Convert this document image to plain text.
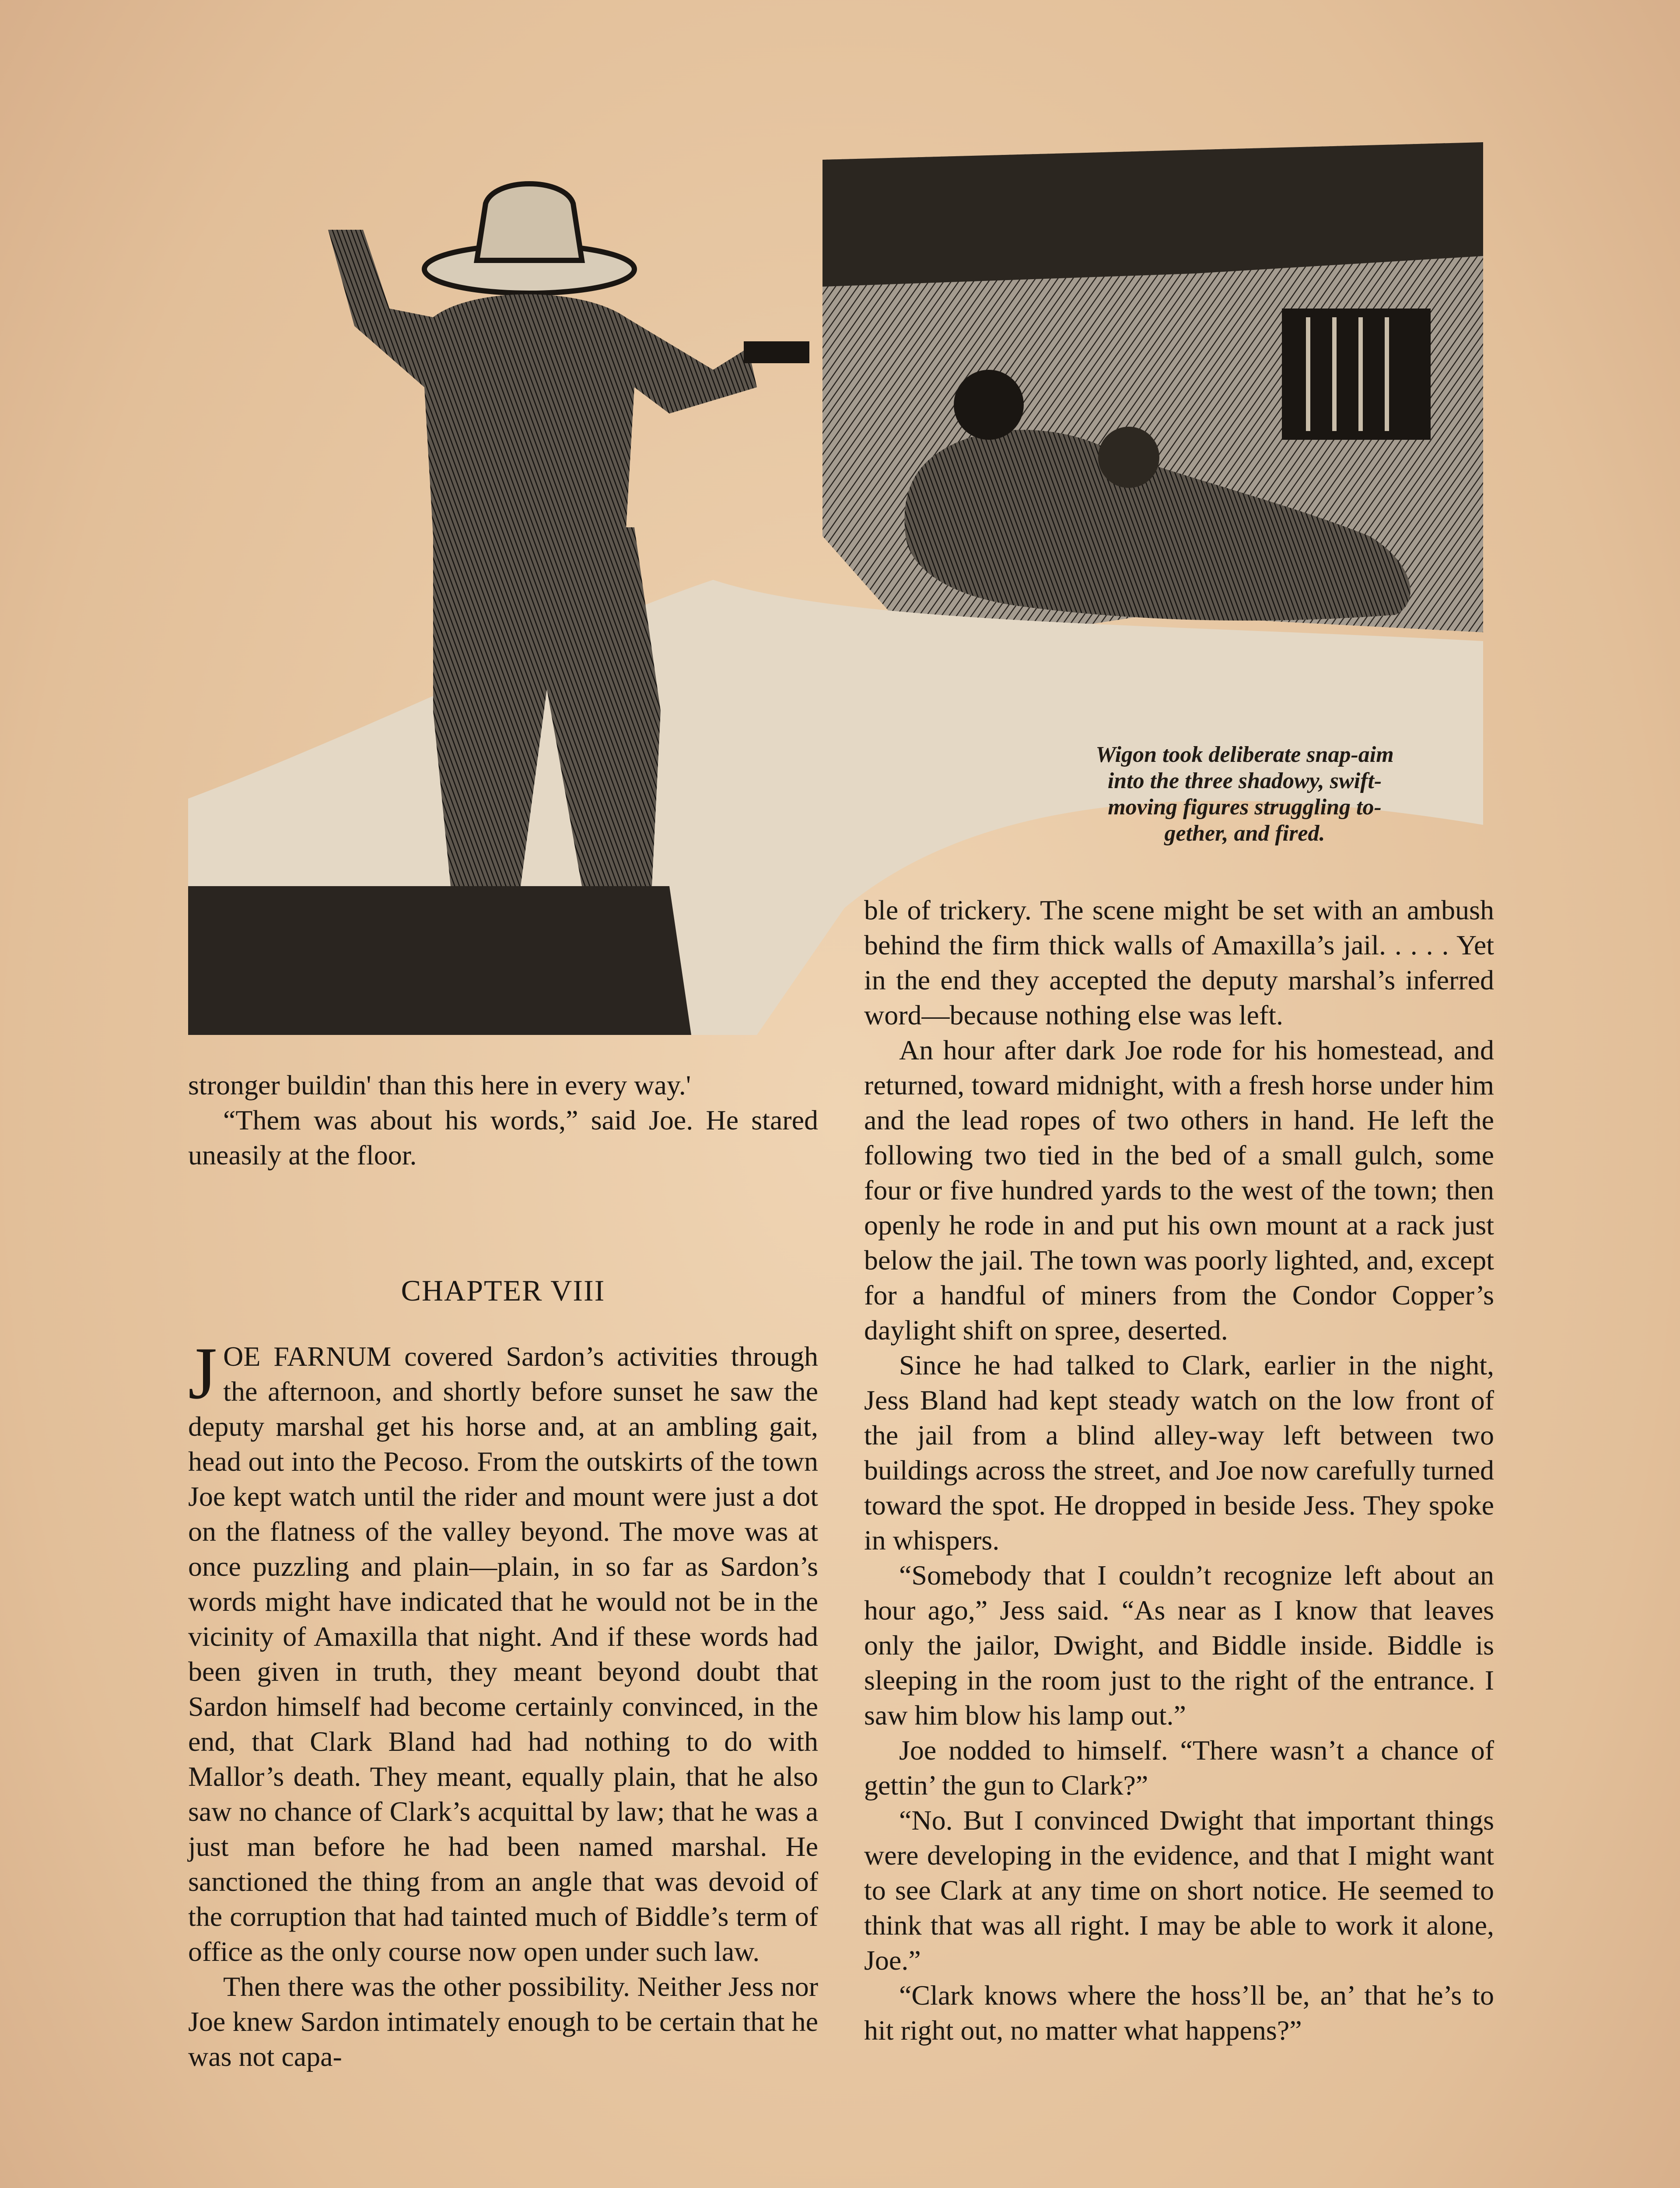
Wigon took deliberate snap-aim
into the three shadowy, swift-
moving figures struggling to-
gether, and fired.

stronger buildin' than this here in every way.'

“Them was about his words,” said Joe. He stared uneasily at the floor.

CHAPTER VIII

JOE FARNUM covered Sardon’s activities through the afternoon, and shortly before sunset he saw the deputy marshal get his horse and, at an ambling gait, head out into the Pecoso. From the outskirts of the town Joe kept watch until the rider and mount were just a dot on the flatness of the valley beyond. The move was at once puzzling and plain—plain, in so far as Sardon’s words might have indicated that he would not be in the vicinity of Amaxilla that night. And if these words had been given in truth, they meant beyond doubt that Sardon himself had become certainly convinced, in the end, that Clark Bland had had nothing to do with Mallor’s death. They meant, equally plain, that he also saw no chance of Clark’s acquittal by law; that he was a just man before he had been named marshal. He sanctioned the thing from an angle that was devoid of the corruption that had tainted much of Biddle’s term of office as the only course now open under such law.

Then there was the other possibility. Neither Jess nor Joe knew Sardon intimately enough to be certain that he was not capa-

ble of trickery. The scene might be set with an ambush behind the firm thick walls of Amaxilla’s jail. . . . . Yet in the end they accepted the deputy marshal’s inferred word—because nothing else was left.

An hour after dark Joe rode for his homestead, and returned, toward midnight, with a fresh horse under him and the lead ropes of two others in hand. He left the following two tied in the bed of a small gulch, some four or five hundred yards to the west of the town; then openly he rode in and put his own mount at a rack just below the jail. The town was poorly lighted, and, except for a handful of miners from the Condor Copper’s daylight shift on spree, deserted.

Since he had talked to Clark, earlier in the night, Jess Bland had kept steady watch on the low front of the jail from a blind alley-way left between two buildings across the street, and Joe now carefully turned toward the spot. He dropped in beside Jess. They spoke in whispers.

“Somebody that I couldn’t recognize left about an hour ago,” Jess said. “As near as I know that leaves only the jailor, Dwight, and Biddle inside. Biddle is sleeping in the room just to the right of the entrance. I saw him blow his lamp out.”

Joe nodded to himself. “There wasn’t a chance of gettin’ the gun to Clark?”

“No. But I convinced Dwight that important things were developing in the evidence, and that I might want to see Clark at any time on short notice. He seemed to think that was all right. I may be able to work it alone, Joe.”

“Clark knows where the hoss’ll be, an’ that he’s to hit right out, no matter what happens?”
